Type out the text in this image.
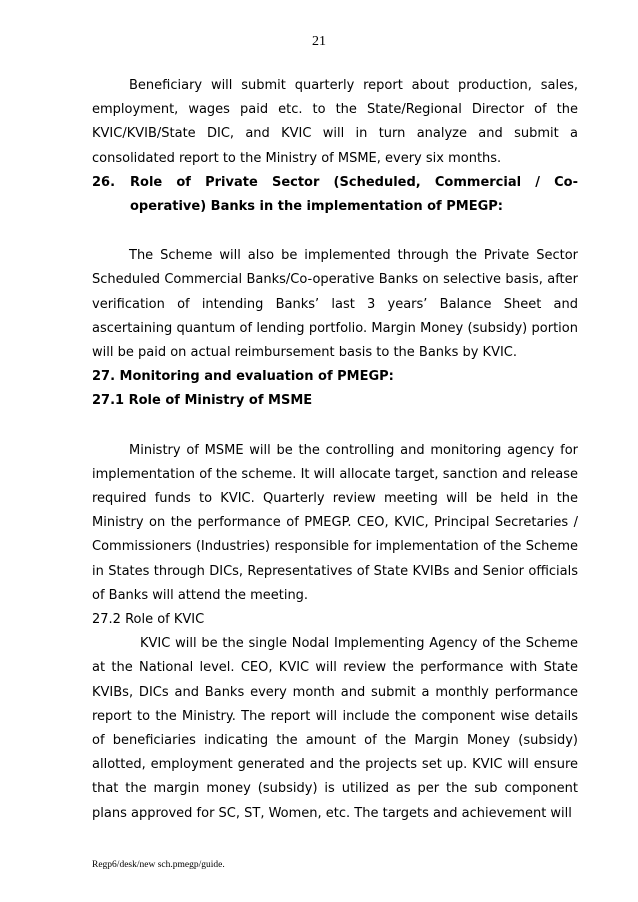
21

Beneficiary will submit quarterly report about production, sales, employment, wages paid etc. to the State/Regional Director of the KVIC/KVIB/State DIC, and KVIC will in turn analyze and submit a consolidated report to the Ministry of MSME, every six months.

26.	Role of Private Sector (Scheduled, Commercial / Co-operative) Banks in the implementation of PMEGP:

The Scheme will also be implemented through the Private Sector Scheduled Commercial Banks/Co-operative Banks on selective basis, after verification of intending Banks’ last 3 years’ Balance Sheet and ascertaining quantum of lending portfolio. Margin Money (subsidy) portion will be paid on actual reimbursement basis to the Banks by KVIC.

27. Monitoring and evaluation of PMEGP:

27.1 Role of Ministry of MSME

Ministry of MSME will be the controlling and monitoring agency for implementation of the scheme. It will allocate target, sanction and release required funds to KVIC. Quarterly review meeting will be held in the Ministry on the performance of PMEGP. CEO, KVIC, Principal Secretaries / Commissioners (Industries) responsible for implementation of the Scheme in States through DICs, Representatives of State KVIBs and Senior officials of Banks will attend the meeting.

27.2 Role of KVIC

KVIC will be the single Nodal Implementing Agency of the Scheme at the National level. CEO, KVIC will review the performance with State KVIBs, DICs and Banks every month and submit a monthly performance report to the Ministry. The report will include the component wise details of beneficiaries indicating the amount of the Margin Money (subsidy) allotted, employment generated and the projects set up. KVIC will ensure that the margin money (subsidy) is utilized as per the sub component plans approved for SC, ST, Women, etc. The targets and achievement will

Regp6/desk/new sch.pmegp/guide.
